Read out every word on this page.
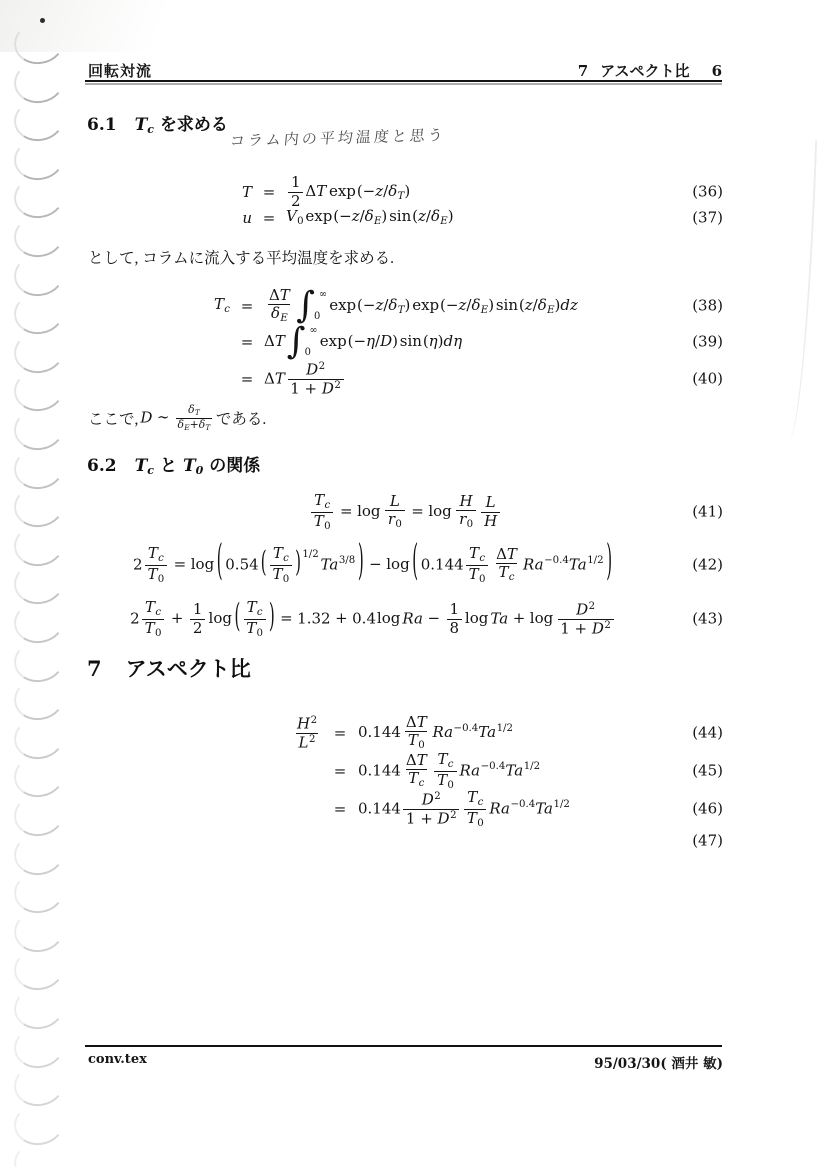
回転対流	7 アスペクト比 6
6.1 Tc を求める
コラム内の平均温度と思う
$T = \frac{1}{2}$ ΔT $\exp(-z/\delta_T)$	(36)
$u = V_0$ $\exp(-z/\delta_E)$ $\sin(z/\delta_E)$	(37)
として, コラムに流入する平均温度を求める.
$T_c = \frac{\Delta T}{\delta_E}$ ∫ ∞
0
$\exp(-z/\delta_T)$ $\exp(-z/\delta_E)$ $\sin(z/\delta_E)dz$	(38)
= ΔT ∫ ∞
0
exp(−η/D) sin(η)dη	(39)
= ΔT $\frac{D^2}{1 + D^2}$	(40)
ここで, D ∼ $\frac{\delta_T}{\delta_E+\delta_T}$ である.
6.2 Tc と T0 の関係
$\frac{T_c}{T_0} = \log \frac{L}{r_0} = \log \frac{H}{r_0} \frac{L}{H}$	(41)
$2 \frac{T_c}{T_0} = \log$ ( 0.54 ( $\frac{T_c}{T_0} )^{1/2}Ta^{3/8}$ ) − log ( $0.144 \frac{T_c}{T_0} \frac{\Delta T}{T_c} Ra^{-0.4}Ta^{1/2}$ )	(42)
$2 \frac{T_c}{T_0} + \frac{1}{2}$ log ( $\frac{T_c}{T_0}$ ) = 1.32 + 0.4log $Ra - \frac{1}{8}$ $\log Ta + \log \frac{D^2}{1 + D^2}$	(43)
7 アスペクト比
$\frac{H^2}{L^2} = 0.144 \frac{\Delta T}{T_0} Ra^{-0.4}Ta^{1/2}$	(44)
= $0.144 \frac{\Delta T}{T_c} \frac{T_c}{T_0} Ra^{-0.4}Ta^{1/2}$	(45)
= $0.144 \frac{D^2}{1 + D^2} \frac{T_c}{T_0} Ra^{-0.4}Ta^{1/2}$	(46)
(47)
conv.tex	95/03/30( 酒井 敏)
